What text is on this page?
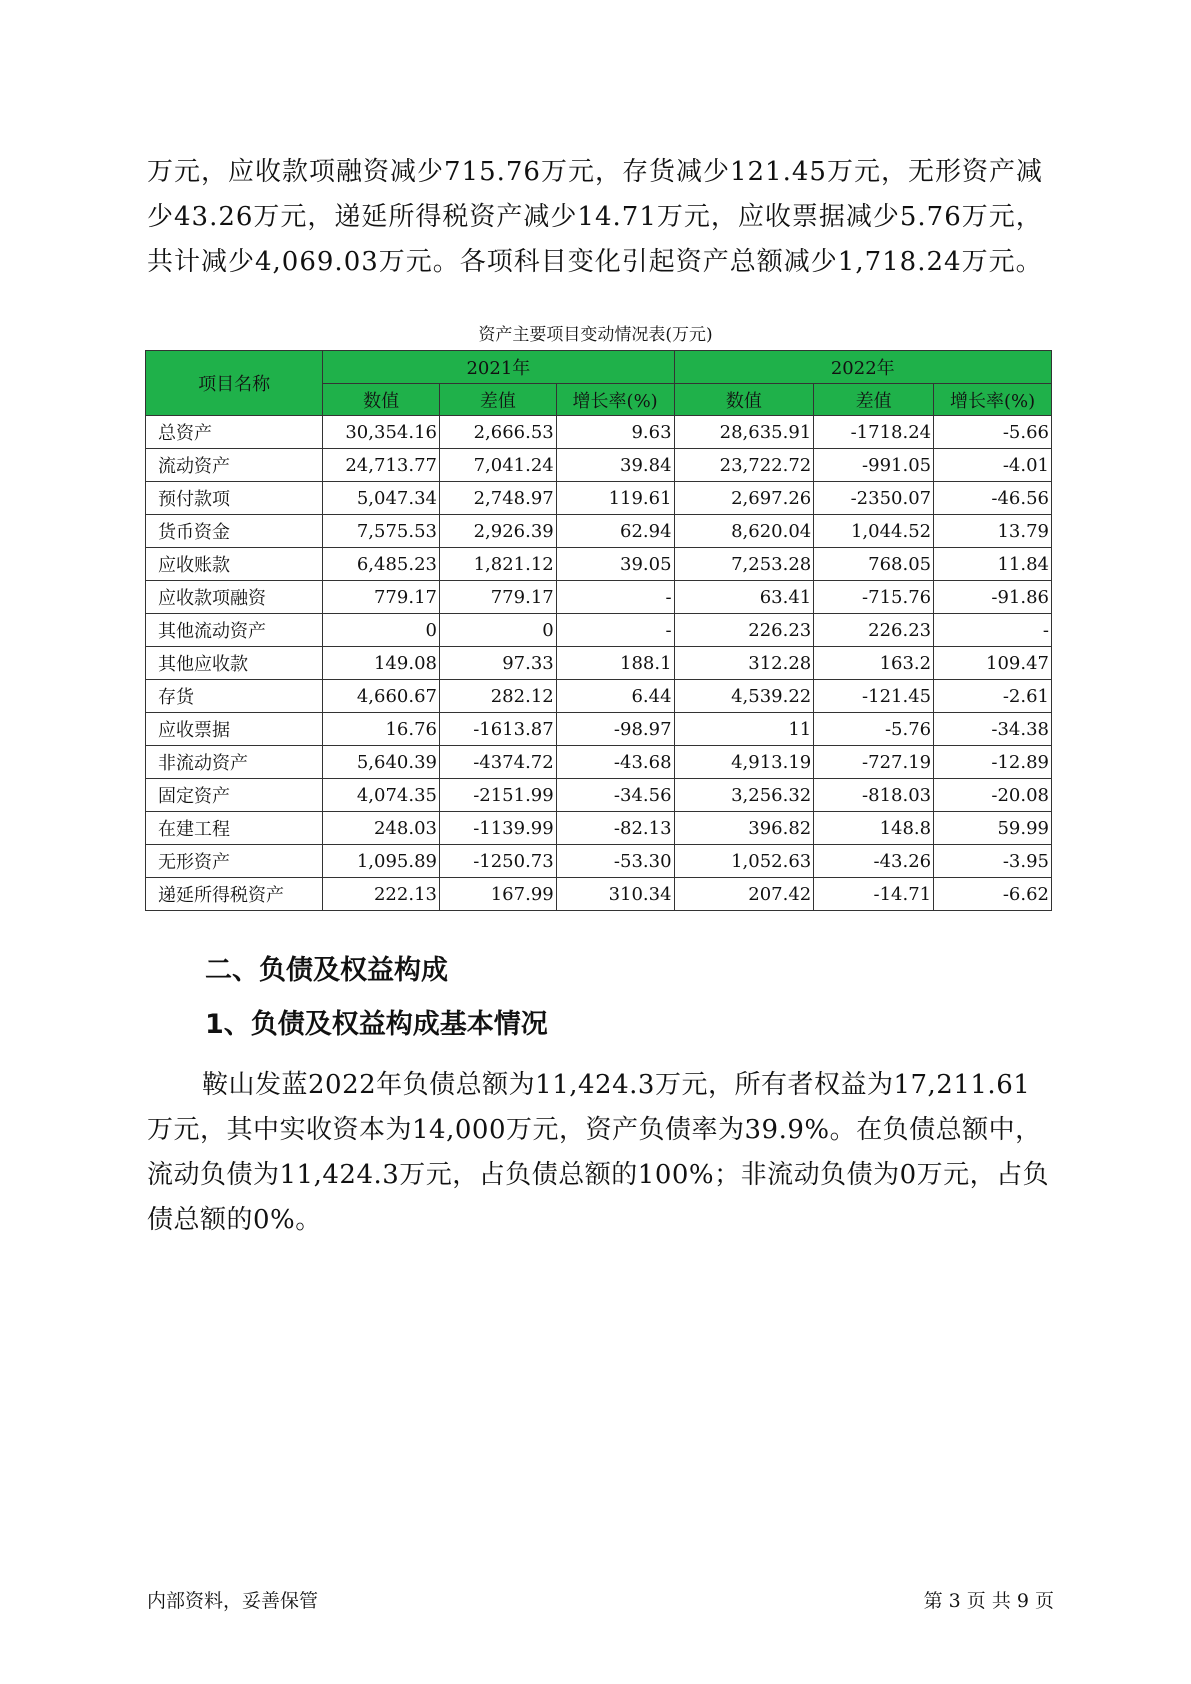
万元，应收款项融资减少715.76万元，存货减少121.45万元，无形资产减

少43.26万元，递延所得税资产减少14.71万元，应收票据减少5.76万元，

共计减少4,069.03万元。各项科目变化引起资产总额减少1,718.24万元。

资产主要项目变动情况表(万元)
项目名称	2021年			2022年		
	数值	差值	增长率(%)	数值	差值	增长率(%)
总资产	30,354.16	2,666.53	9.63	28,635.91	-1718.24	-5.66
流动资产	24,713.77	7,041.24	39.84	23,722.72	-991.05	-4.01
预付款项	5,047.34	2,748.97	119.61	2,697.26	-2350.07	-46.56
货币资金	7,575.53	2,926.39	62.94	8,620.04	1,044.52	13.79
应收账款	6,485.23	1,821.12	39.05	7,253.28	768.05	11.84
应收款项融资	779.17	779.17	-	63.41	-715.76	-91.86
其他流动资产	0	0	-	226.23	226.23	-
其他应收款	149.08	97.33	188.1	312.28	163.2	109.47
存货	4,660.67	282.12	6.44	4,539.22	-121.45	-2.61
应收票据	16.76	-1613.87	-98.97	11	-5.76	-34.38
非流动资产	5,640.39	-4374.72	-43.68	4,913.19	-727.19	-12.89
固定资产	4,074.35	-2151.99	-34.56	3,256.32	-818.03	-20.08
在建工程	248.03	-1139.99	-82.13	396.82	148.8	59.99
无形资产	1,095.89	-1250.73	-53.30	1,052.63	-43.26	-3.95
递延所得税资产	222.13	167.99	310.34	207.42	-14.71	-6.62
二、负债及权益构成
1、负债及权益构成基本情况

鞍山发蓝2022年负债总额为11,424.3万元，所有者权益为17,211.61万元，其中实收资本为14,000万元，资产负债率为39.9%。在负债总额中，流动负债为11,424.3万元，占负债总额的100%；非流动负债为0万元，占负债总额的0%。

内部资料，妥善保管	第 3 页 共 9 页
